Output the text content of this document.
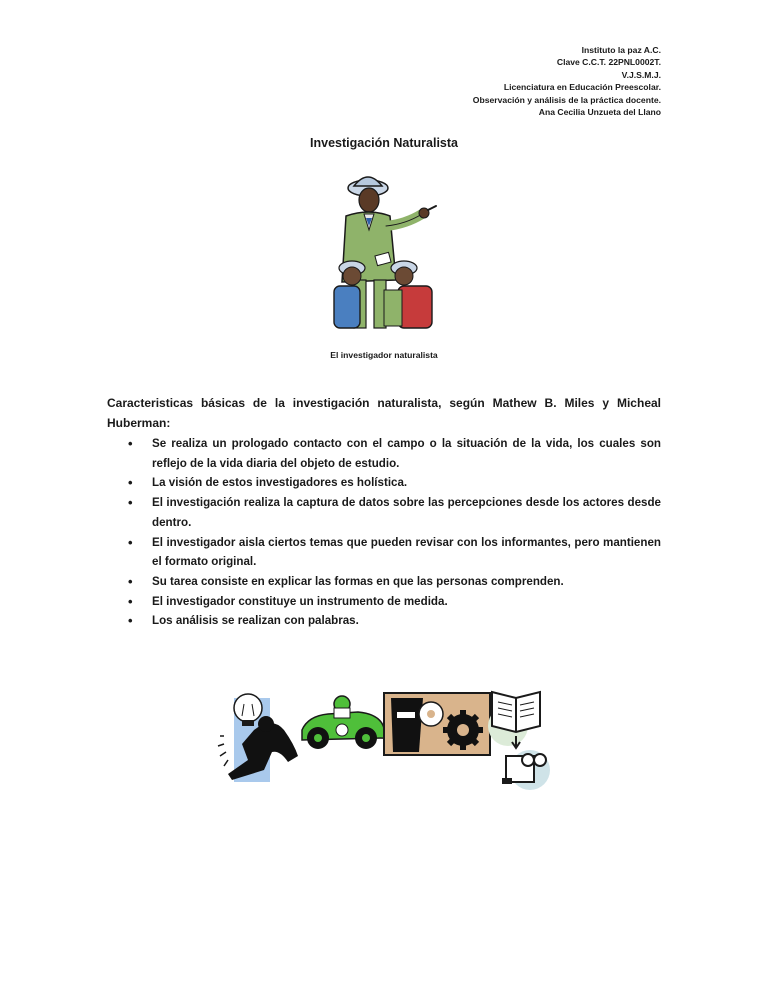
Instituto la paz A.C.
Clave C.C.T. 22PNL0002T.
V.J.S.M.J.
Licenciatura en Educación Preescolar.
Observación y análisis de la práctica docente.
Ana Cecilia Unzueta del Llano
Investigación Naturalista
El investigador naturalista

Caracteristicas básicas de la investigación naturalista, según Mathew B. Miles y Micheal Huberman:

• Se realiza un prologado contacto con el campo o la situación de la vida, los cuales son reflejo de la vida diaria del objeto de estudio.
• La visión de estos investigadores es holística.
• El investigación realiza la captura de datos sobre las percepciones desde los actores desde dentro.
• El investigador aisla ciertos temas que pueden revisar con los informantes, pero mantienen el formato original.
• Su tarea consiste en explicar las formas en que las personas comprenden.
• El investigador constituye un instrumento de medida.
• Los análisis se realizan con palabras.
